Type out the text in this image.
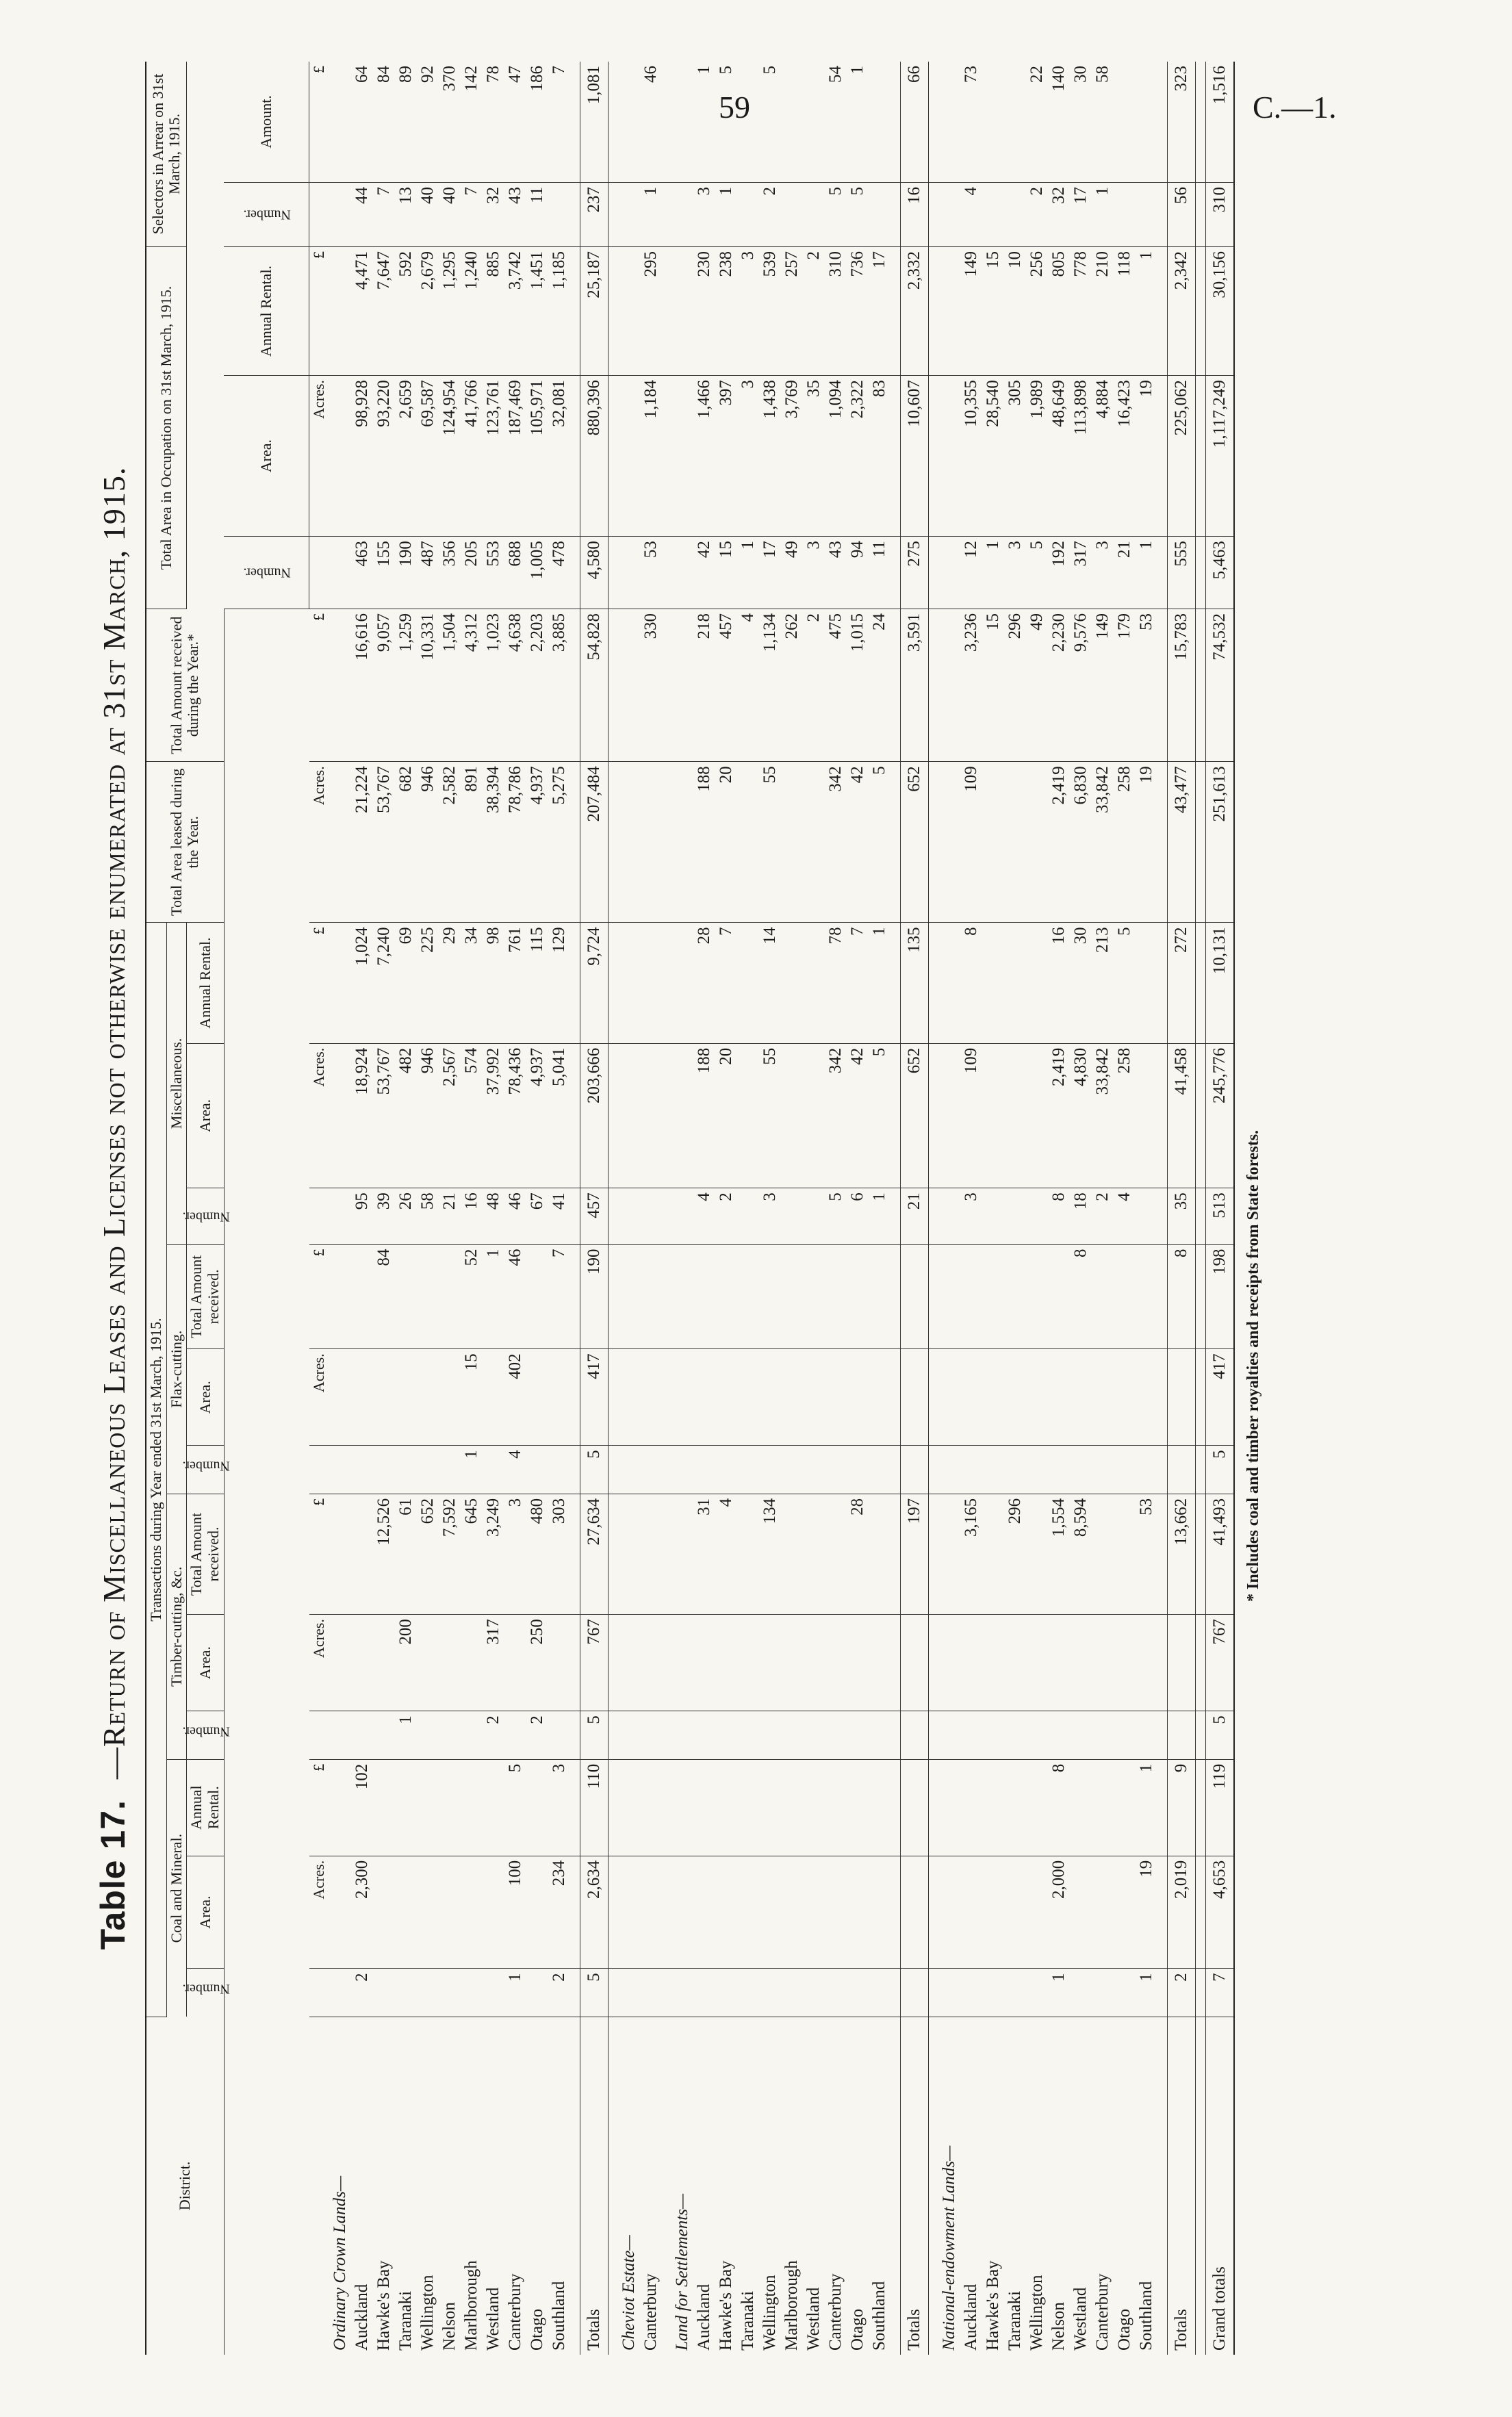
59	C.—1.
Table 17.—Return of Miscellaneous Leases and Licenses not otherwise enumerated at 31st March, 1915.
District.	Transactions during Year ended 31st March, 1915.												Total Area leased during the Year.	Total Amount received during the Year.*	Total Area in Occupation on 31st March, 1915.			Selectors in Arrear on 31st March, 1915.	
	Coal and Mineral.			Timber-cutting, &c.			Flax-cutting.			Miscellaneous.									
	Number.	Area.	Annual Rental.	Number.	Area.	Total Amount received.	Number.	Area.	Total Amount received.	Number.	Area.	Annual Rental.							
															Number.	Area.	Annual Rental.	Number.	Amount.
		Acres.	£		Acres.	£		Acres.	£		Acres.	£	Acres.	£		Acres.	£		£
Ordinary Crown Lands—																			
Auckland	2	2,300	102							95	18,924	1,024	21,224	16,616	463	98,928	4,471	44	64
Hawke's Bay						12,526			84	39	53,767	7,240	53,767	9,057	155	93,220	7,647	7	84
Taranaki				1	200	61				26	482	69	682	1,259	190	2,659	592	13	89
Wellington						652				58	946	225	946	10,331	487	69,587	2,679	40	92
Nelson						7,592				21	2,567	29	2,582	1,504	356	124,954	1,295	40	370
Marlborough						645	1	15	52	16	574	34	891	4,312	205	41,766	1,240	7	142
Westland				2	317	3,249			1	48	37,992	98	38,394	1,023	553	123,761	885	32	78
Canterbury	1	100	5			3	4	402	46	46	78,436	761	78,786	4,638	688	187,469	3,742	43	47
Otago				2	250	480				67	4,937	115	4,937	2,203	1,005	105,971	1,451	11	186
Southland	2	234	3			303			7	41	5,041	129	5,275	3,885	478	32,081	1,185		7

Totals	5	2,634	110	5	767	27,634	5	417	190	457	203,666	9,724	207,484	54,828	4,580	880,396	25,187	237	1,081

Cheviot Estate—																			
Canterbury														330	53	1,184	295	1	46

Land for Settlements—																			
Auckland						31				4	188	28	188	218	42	1,466	230	3	1
Hawke's Bay						4				2	20	7	20	457	15	397	238	1	5
Taranaki														4	1	3	3		
Wellington						134				3	55	14	55	1,134	17	1,438	539	2	5
Marlborough														262	49	3,769	257		
Westland														2	3	35	2		
Canterbury										5	342	78	342	475	43	1,094	310	5	54
Otago						28				6	42	7	42	1,015	94	2,322	736	5	1
Southland										1	5	1	5	24	11	83	17		

Totals						197				21	652	135	652	3,591	275	10,607	2,332	16	66

National-endowment Lands—																			
Auckland						3,165				3	109	8	109	3,236	12	10,355	149	4	73
Hawke's Bay														15	1	28,540	15		
Taranaki						296								296	3	305	10		
Wellington														49	5	1,989	256	2	22
Nelson	1	2,000	8			1,554				8	2,419	16	2,419	2,230	192	48,649	805	32	140
Westland						8,594			8	18	4,830	30	6,830	9,576	317	113,898	778	17	30
Canterbury										2	33,842	213	33,842	149	3	4,884	210	1	58
Otago										4	258	5	258	179	21	16,423	118		
Southland	1	19	1			53							19	53	1	19	1		

Totals	2	2,019	9			13,662			8	35	41,458	272	43,477	15,783	555	225,062	2,342	56	323

Grand totals	7	4,653	119	5	767	41,493	5	417	198	513	245,776	10,131	251,613	74,532	5,463	1,117,249	30,156	310	1,516
* Includes coal and timber royalties and receipts from State forests.
